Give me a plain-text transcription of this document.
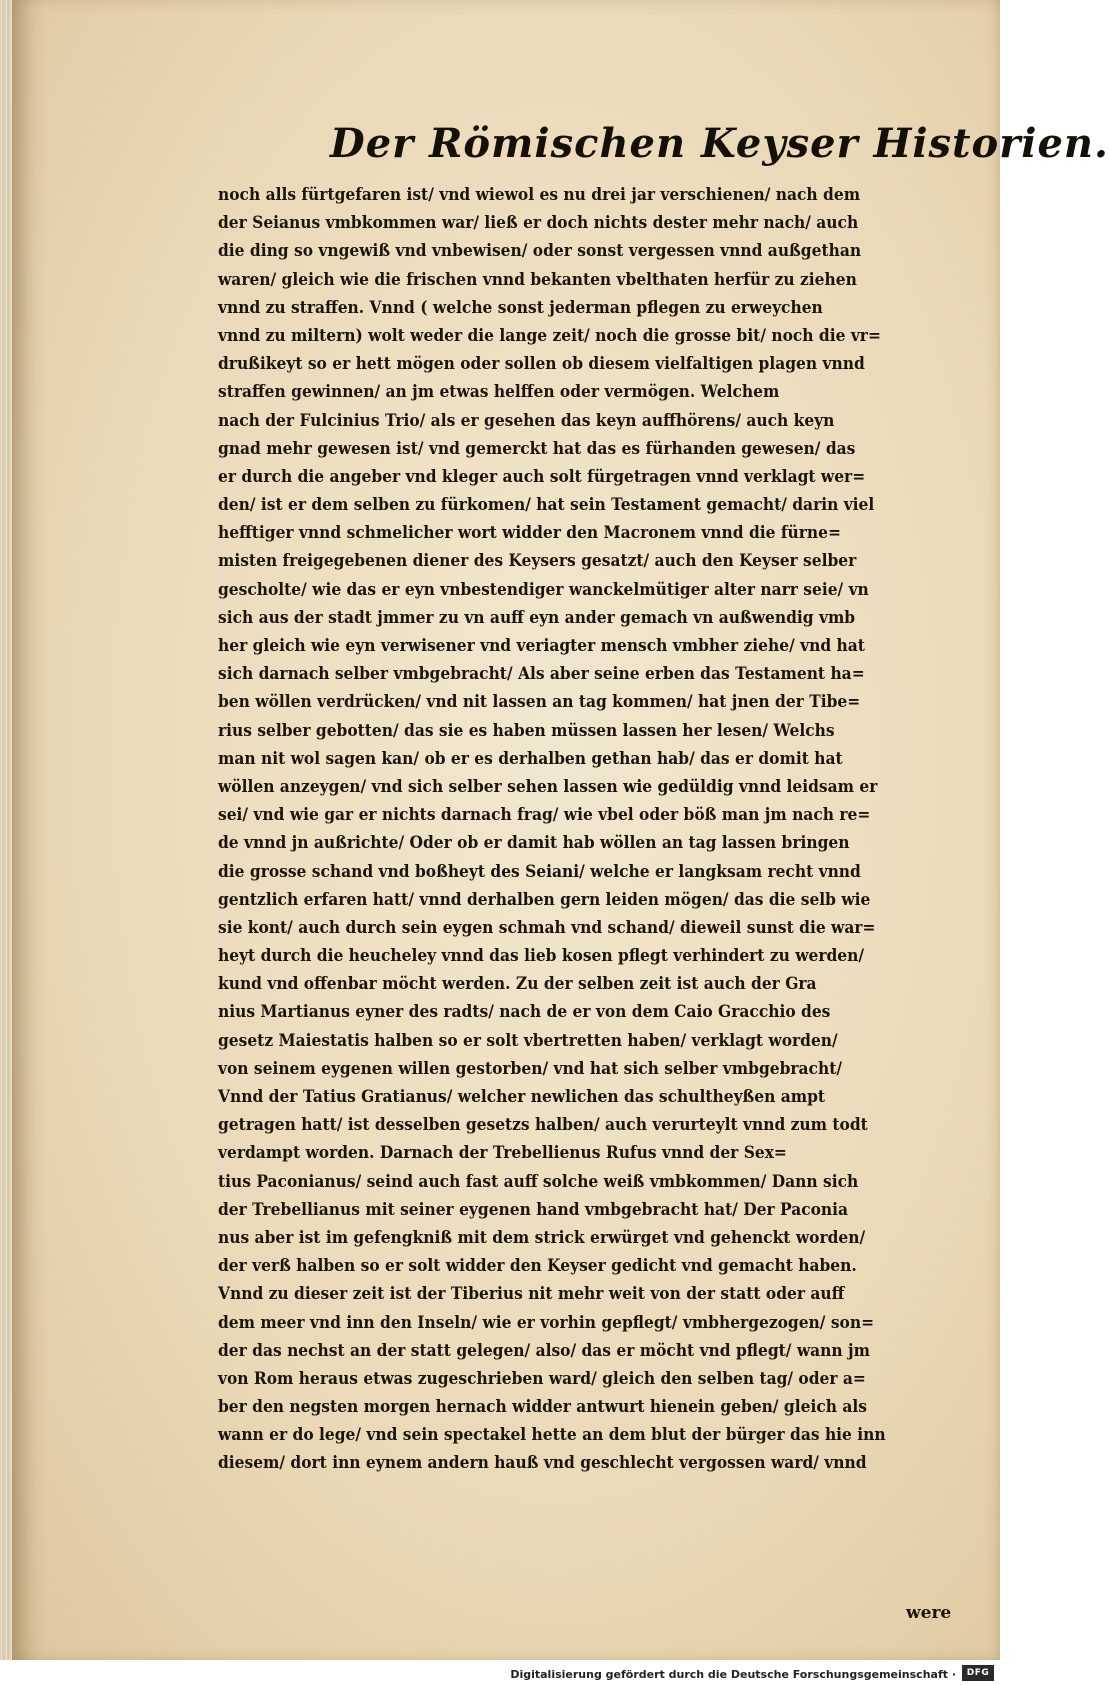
Der Römischen Keyser Historien.
noch alls fürtgefaren ist/ vnd wiewol es nu drei jar verschienen/ nach dem
der Seianus vmbkommen war/ ließ er doch nichts dester mehr nach/ auch
die ding so vngewiß vnd vnbewisen/ oder sonst vergessen vnnd außgethan
waren/ gleich wie die frischen vnnd bekanten vbelthaten herfür zu ziehen
vnnd zu straffen. Vnnd ( welche sonst jederman pflegen zu erweychen
vnnd zu miltern) wolt weder die lange zeit/ noch die grosse bit/ noch die vr=
drußikeyt so er hett mögen oder sollen ob diesem vielfaltigen plagen vnnd
straffen gewinnen/ an jm etwas helffen oder vermögen. Welchem
nach der Fulcinius Trio/ als er gesehen das keyn auffhörens/ auch keyn
gnad mehr gewesen ist/ vnd gemerckt hat das es fürhanden gewesen/ das
er durch die angeber vnd kleger auch solt fürgetragen vnnd verklagt wer=
den/ ist er dem selben zu fürkomen/ hat sein Testament gemacht/ darin viel
hefftiger vnnd schmelicher wort widder den Macronem vnnd die fürne=
misten freigegebenen diener des Keysers gesatzt/ auch den Keyser selber
gescholte/ wie das er eyn vnbestendiger wanckelmütiger alter narr seie/ vn
sich aus der stadt jmmer zu vn auff eyn ander gemach vn außwendig vmb
her gleich wie eyn verwisener vnd veriagter mensch vmbher ziehe/ vnd hat
sich darnach selber vmbgebracht/ Als aber seine erben das Testament ha=
ben wöllen verdrücken/ vnd nit lassen an tag kommen/ hat jnen der Tibe=
rius selber gebotten/ das sie es haben müssen lassen her lesen/ Welchs
man nit wol sagen kan/ ob er es derhalben gethan hab/ das er domit hat
wöllen anzeygen/ vnd sich selber sehen lassen wie gedüldig vnnd leidsam er
sei/ vnd wie gar er nichts darnach frag/ wie vbel oder böß man jm nach re=
de vnnd jn außrichte/ Oder ob er damit hab wöllen an tag lassen bringen
die grosse schand vnd boßheyt des Seiani/ welche er langksam recht vnnd
gentzlich erfaren hatt/ vnnd derhalben gern leiden mögen/ das die selb wie
sie kont/ auch durch sein eygen schmah vnd schand/ dieweil sunst die war=
heyt durch die heucheley vnnd das lieb kosen pflegt verhindert zu werden/
kund vnd offenbar möcht werden. Zu der selben zeit ist auch der Gra
nius Martianus eyner des radts/ nach de er von dem Caio Gracchio des
gesetz Maiestatis halben so er solt vbertretten haben/ verklagt worden/
von seinem eygenen willen gestorben/ vnd hat sich selber vmbgebracht/
Vnnd der Tatius Gratianus/ welcher newlichen das schultheyßen ampt
getragen hatt/ ist desselben gesetzs halben/ auch verurteylt vnnd zum todt
verdampt worden. Darnach der Trebellienus Rufus vnnd der Sex=
tius Paconianus/ seind auch fast auff solche weiß vmbkommen/ Dann sich
der Trebellianus mit seiner eygenen hand vmbgebracht hat/ Der Paconia
nus aber ist im gefengkniß mit dem strick erwürget vnd gehenckt worden/
der verß halben so er solt widder den Keyser gedicht vnd gemacht haben.
Vnnd zu dieser zeit ist der Tiberius nit mehr weit von der statt oder auff
dem meer vnd inn den Inseln/ wie er vorhin gepflegt/ vmbhergezogen/ son=
der das nechst an der statt gelegen/ also/ das er möcht vnd pflegt/ wann jm
von Rom heraus etwas zugeschrieben ward/ gleich den selben tag/ oder a=
ber den negsten morgen hernach widder antwurt hienein geben/ gleich als
wann er do lege/ vnd sein spectakel hette an dem blut der bürger das hie inn
diesem/ dort inn eynem andern hauß vnd geschlecht vergossen ward/ vnnd
were
Digitalisierung gefördert durch die Deutsche Forschungsgemeinschaft ·	DFG
